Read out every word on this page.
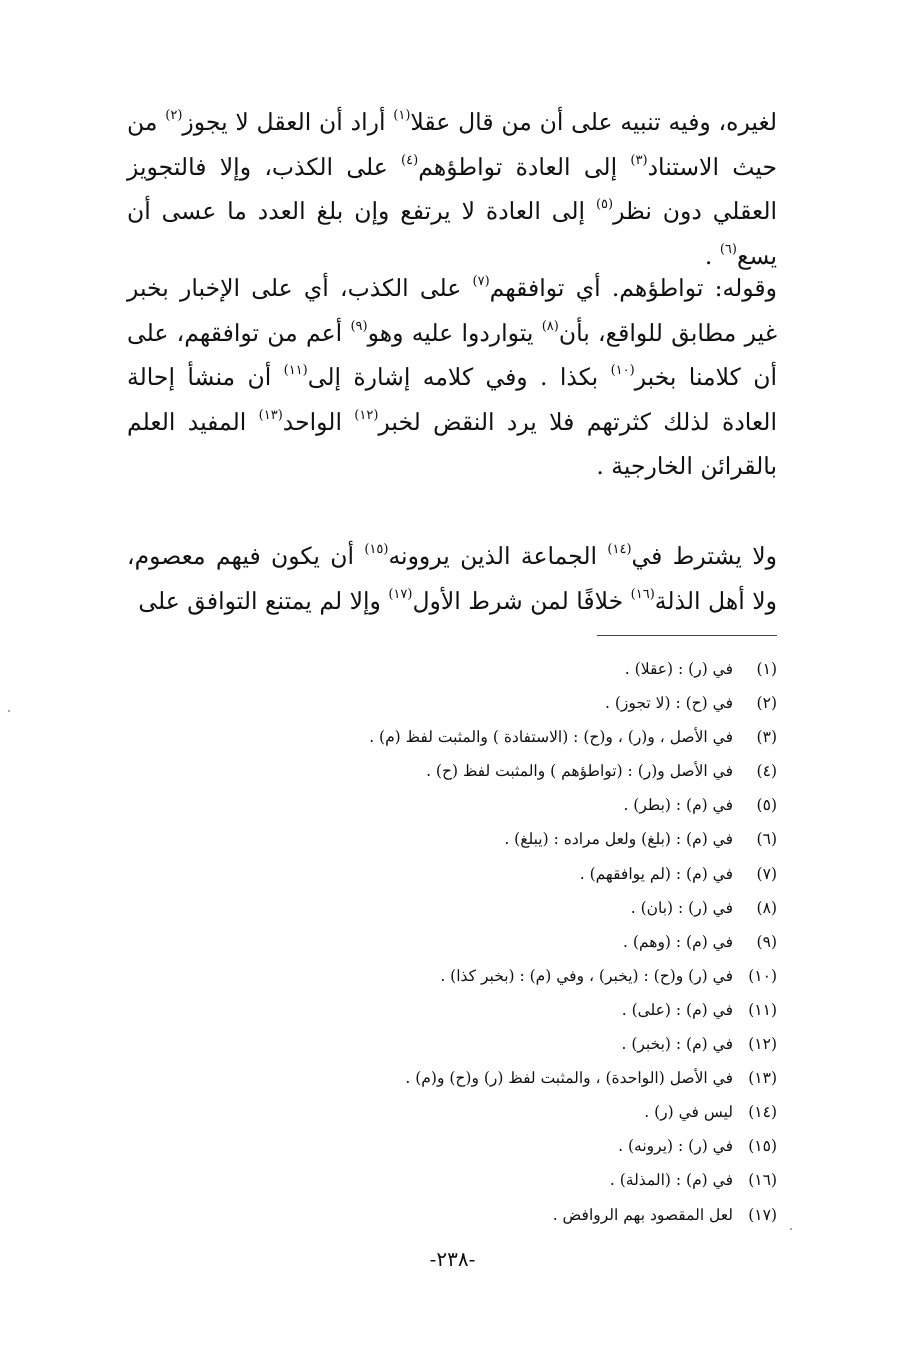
لغيره، وفيه تنبيه على أن من قال عقلا$^{(١)}$ أراد أن العقل لا يجوز$^{(٢)}$ من حيث الاستناد$^{(٣)}$ إلى العادة تواطؤهم$^{(٤)}$ على الكذب، وإلا فالتجويز العقلي دون نظر$^{(٥)}$ إلى العادة لا يرتفع وإن بلغ العدد ما عسى أن يسع$^{(٦)}$ .

وقوله: تواطؤهم. أي توافقهم$^{(٧)}$ على الكذب، أي على الإخبار بخبر غير مطابق للواقع، بأن$^{(٨)}$ يتواردوا عليه وهو$^{(٩)}$ أعم من توافقهم، على أن كلامنا بخبر$^{(١٠)}$ بكذا . وفي كلامه إشارة إلى$^{(١١)}$ أن منشأ إحالة العادة لذلك كثرتهم فلا يرد النقض لخبر$^{(١٢)}$ الواحد$^{(١٣)}$ المفيد العلم بالقرائن الخارجية .

ولا يشترط في$^{(١٤)}$ الجماعة الذين يروونه$^{(١٥)}$ أن يكون فيهم معصوم، ولا أهل الذلة$^{(١٦)}$ خلافًا لمن شرط الأول$^{(١٧)}$ وإلا لم يمتنع التوافق على

(١)
في (ر) : (عقلا) .
(٢)
في (ح) : (لا تجوز) .
(٣)
في الأصل ، و(ر) ، و(ح) : (الاستفادة ) والمثبت لفظ (م) .
(٤)
في الأصل و(ر) : (تواطؤهم ) والمثبت لفظ (ح) .
(٥)
في (م) : (بطر) .
(٦)
في (م) : (بلغ) ولعل مراده : (يبلغ) .
(٧)
في (م) : (لم يوافقهم) .
(٨)
في (ر) : (بان) .
(٩)
في (م) : (وهم) .
(١٠)
في (ر) و(ح) : (يخبر) ، وفي (م) : (بخبر كذا) .
(١١)
في (م) : (على) .
(١٢)
في (م) : (بخبر) .
(١٣)
في الأصل (الواحدة) ، والمثبت لفظ (ر) و(ح) و(م) .
(١٤)
ليس في (ر) .
(١٥)
في (ر) : (يرونه) .
(١٦)
في (م) : (المذلة) .
(١٧)
لعل المقصود بهم الروافض .
-٢٣٨-
